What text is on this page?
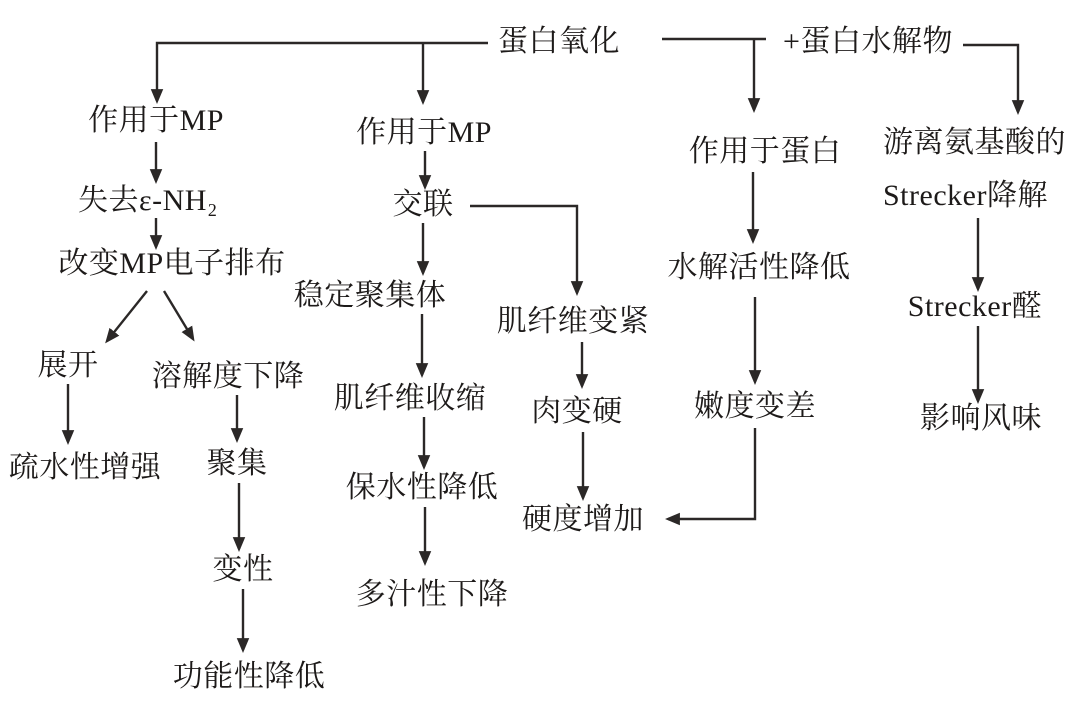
蛋白氧化	+蛋白水解物
作用于MP	作用于MP
作用于蛋白 游离氨基酸的
Strecker降解
失去ε-NH₂
改变MP电子排布
交联
稳定聚集体
肌纤维变紧
展开 溶解度下降
肌纤维收缩 肉变硬 嫩度变差
水解活性降低
Strecker醛
影响风味
疏水性增强 聚集
保水性降低
硬度增加
变性
多汁性下降
功能性降低
